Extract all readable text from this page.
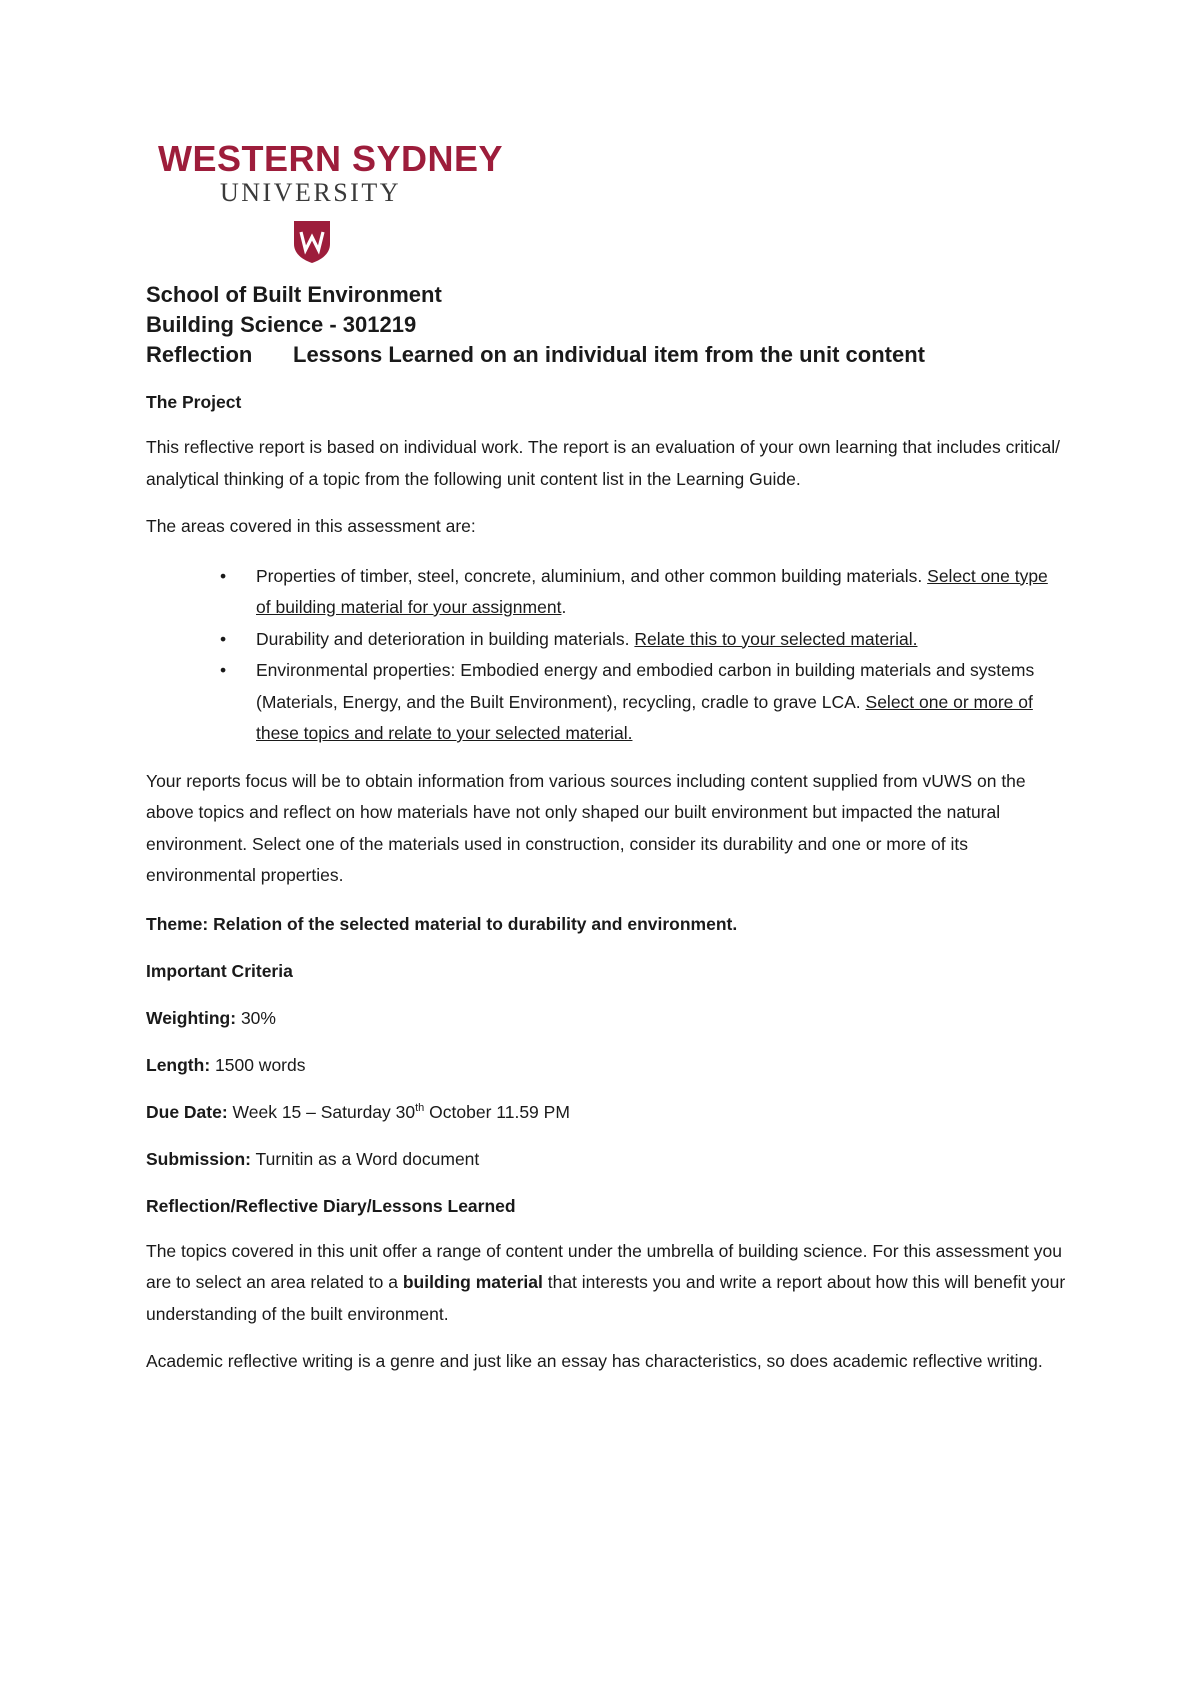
WESTERN SYDNEY
UNIVERSITY

School of Built Environment

Building Science - 301219

Reflection Lessons Learned on an individual item from the unit content

The Project

This reflective report is based on individual work. The report is an evaluation of your own learning that includes critical/ analytical thinking of a topic from the following unit content list in the Learning Guide.

The areas covered in this assessment are:

• Properties of timber, steel, concrete, aluminium, and other common building materials. Select one type of building material for your assignment.
• Durability and deterioration in building materials. Relate this to your selected material.
• Environmental properties: Embodied energy and embodied carbon in building materials and systems (Materials, Energy, and the Built Environment), recycling, cradle to grave LCA. Select one or more of these topics and relate to your selected material.

Your reports focus will be to obtain information from various sources including content supplied from vUWS on the above topics and reflect on how materials have not only shaped our built environment but impacted the natural environment. Select one of the materials used in construction, consider its durability and one or more of its environmental properties.

Theme: Relation of the selected material to durability and environment.

Important Criteria

Weighting: 30%

Length: 1500 words

Due Date: Week 15 – Saturday 30th October 11.59 PM

Submission: Turnitin as a Word document

Reflection/Reflective Diary/Lessons Learned

The topics covered in this unit offer a range of content under the umbrella of building science. For this assessment you are to select an area related to a building material that interests you and write a report about how this will benefit your understanding of the built environment.

Academic reflective writing is a genre and just like an essay has characteristics, so does academic reflective writing.
